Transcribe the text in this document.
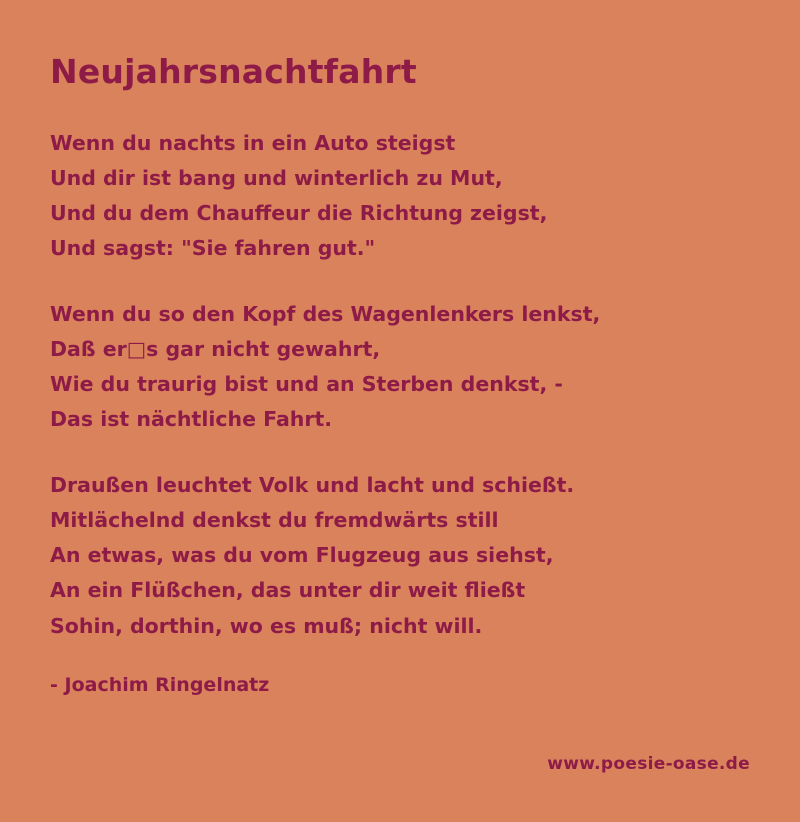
Neujahrsnachtfahrt
Wenn du nachts in ein Auto steigst
Und dir ist bang und winterlich zu Mut,
Und du dem Chauffeur die Richtung zeigst,
Und sagst: "Sie fahren gut."
Wenn du so den Kopf des Wagenlenkers lenkst,
Daß er□s gar nicht gewahrt,
Wie du traurig bist und an Sterben denkst, -
Das ist nächtliche Fahrt.
Draußen leuchtet Volk und lacht und schießt.
Mitlächelnd denkst du fremdwärts still
An etwas, was du vom Flugzeug aus siehst,
An ein Flüßchen, das unter dir weit fließt
Sohin, dorthin, wo es muß; nicht will.
- Joachim Ringelnatz
www.poesie-oase.de
